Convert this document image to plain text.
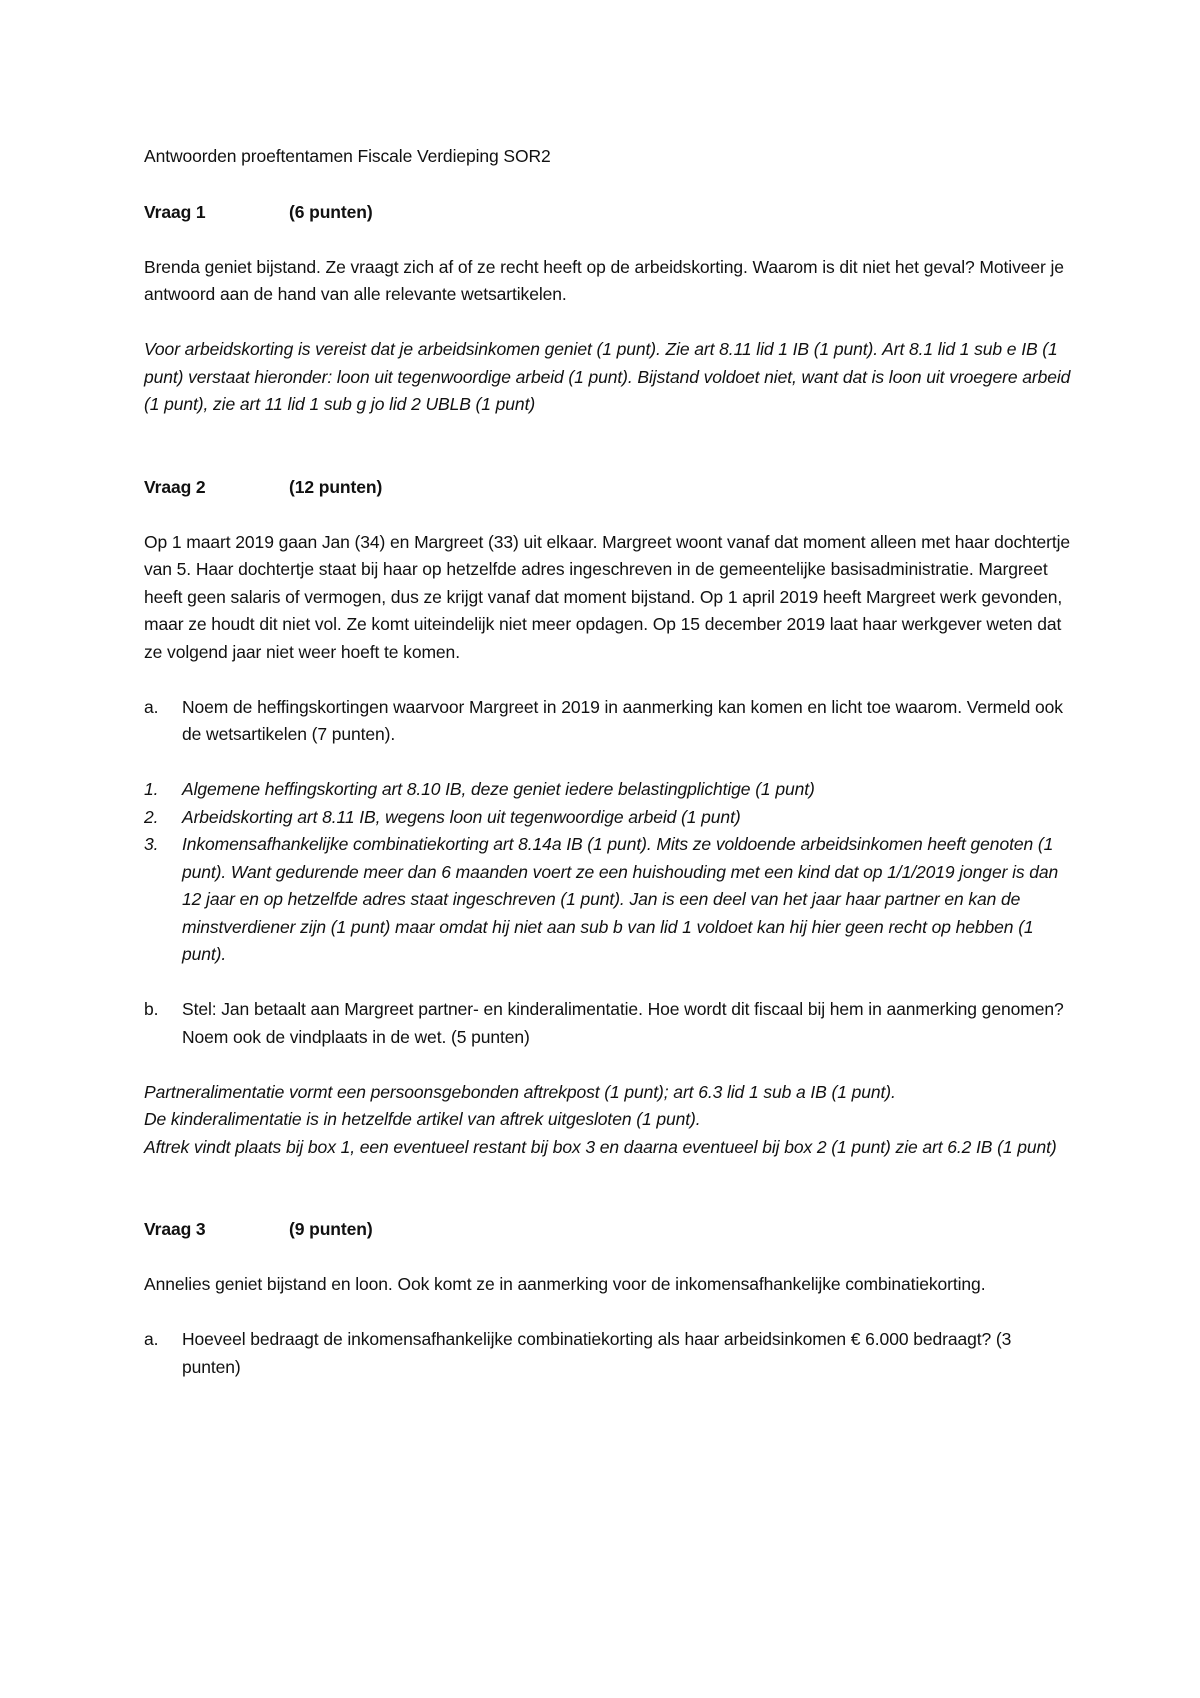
Antwoorden proeftentamen Fiscale Verdieping SOR2

Vraag 1	(6 punten)

Brenda geniet bijstand. Ze vraagt zich af of ze recht heeft op de arbeidskorting. Waarom is dit niet het geval? Motiveer je antwoord aan de hand van alle relevante wetsartikelen.

Voor arbeidskorting is vereist dat je arbeidsinkomen geniet (1 punt). Zie art 8.11 lid 1 IB (1 punt). Art 8.1 lid 1 sub e IB (1 punt) verstaat hieronder: loon uit tegenwoordige arbeid (1 punt). Bijstand voldoet niet, want dat is loon uit vroegere arbeid (1 punt), zie art 11 lid 1 sub g jo lid 2 UBLB (1 punt)

Vraag 2	(12 punten)

Op 1 maart 2019 gaan Jan (34) en Margreet (33) uit elkaar. Margreet woont vanaf dat moment alleen met haar dochtertje van 5. Haar dochtertje staat bij haar op hetzelfde adres ingeschreven in de gemeentelijke basisadministratie. Margreet heeft geen salaris of vermogen, dus ze krijgt vanaf dat moment bijstand. Op 1 april 2019 heeft Margreet werk gevonden, maar ze houdt dit niet vol. Ze komt uiteindelijk niet meer opdagen. Op 15 december 2019 laat haar werkgever weten dat ze volgend jaar niet weer hoeft te komen.

a.	Noem de heffingskortingen waarvoor Margreet in 2019 in aanmerking kan komen en licht toe waarom. Vermeld ook de wetsartikelen (7 punten).
1.	Algemene heffingskorting art 8.10 IB, deze geniet iedere belastingplichtige (1 punt)
2.	Arbeidskorting art 8.11 IB, wegens loon uit tegenwoordige arbeid (1 punt)
3.	Inkomensafhankelijke combinatiekorting art 8.14a IB (1 punt). Mits ze voldoende arbeidsinkomen heeft genoten (1 punt). Want gedurende meer dan 6 maanden voert ze een huishouding met een kind dat op 1/1/2019 jonger is dan 12 jaar en op hetzelfde adres staat ingeschreven (1 punt). Jan is een deel van het jaar haar partner en kan de minstverdiener zijn (1 punt) maar omdat hij niet aan sub b van lid 1 voldoet kan hij hier geen recht op hebben (1 punt).
b.	Stel: Jan betaalt aan Margreet partner- en kinderalimentatie. Hoe wordt dit fiscaal bij hem in aanmerking genomen? Noem ook de vindplaats in de wet. (5 punten)

Partneralimentatie vormt een persoonsgebonden aftrekpost (1 punt); art 6.3 lid 1 sub a IB (1 punt).

De kinderalimentatie is in hetzelfde artikel van aftrek uitgesloten (1 punt).

Aftrek vindt plaats bij box 1, een eventueel restant bij box 3 en daarna eventueel bij box 2 (1 punt) zie art 6.2 IB (1 punt)

Vraag 3	(9 punten)

Annelies geniet bijstand en loon. Ook komt ze in aanmerking voor de inkomensafhankelijke combinatiekorting.

a.	Hoeveel bedraagt de inkomensafhankelijke combinatiekorting als haar arbeidsinkomen € 6.000 bedraagt? (3 punten)
